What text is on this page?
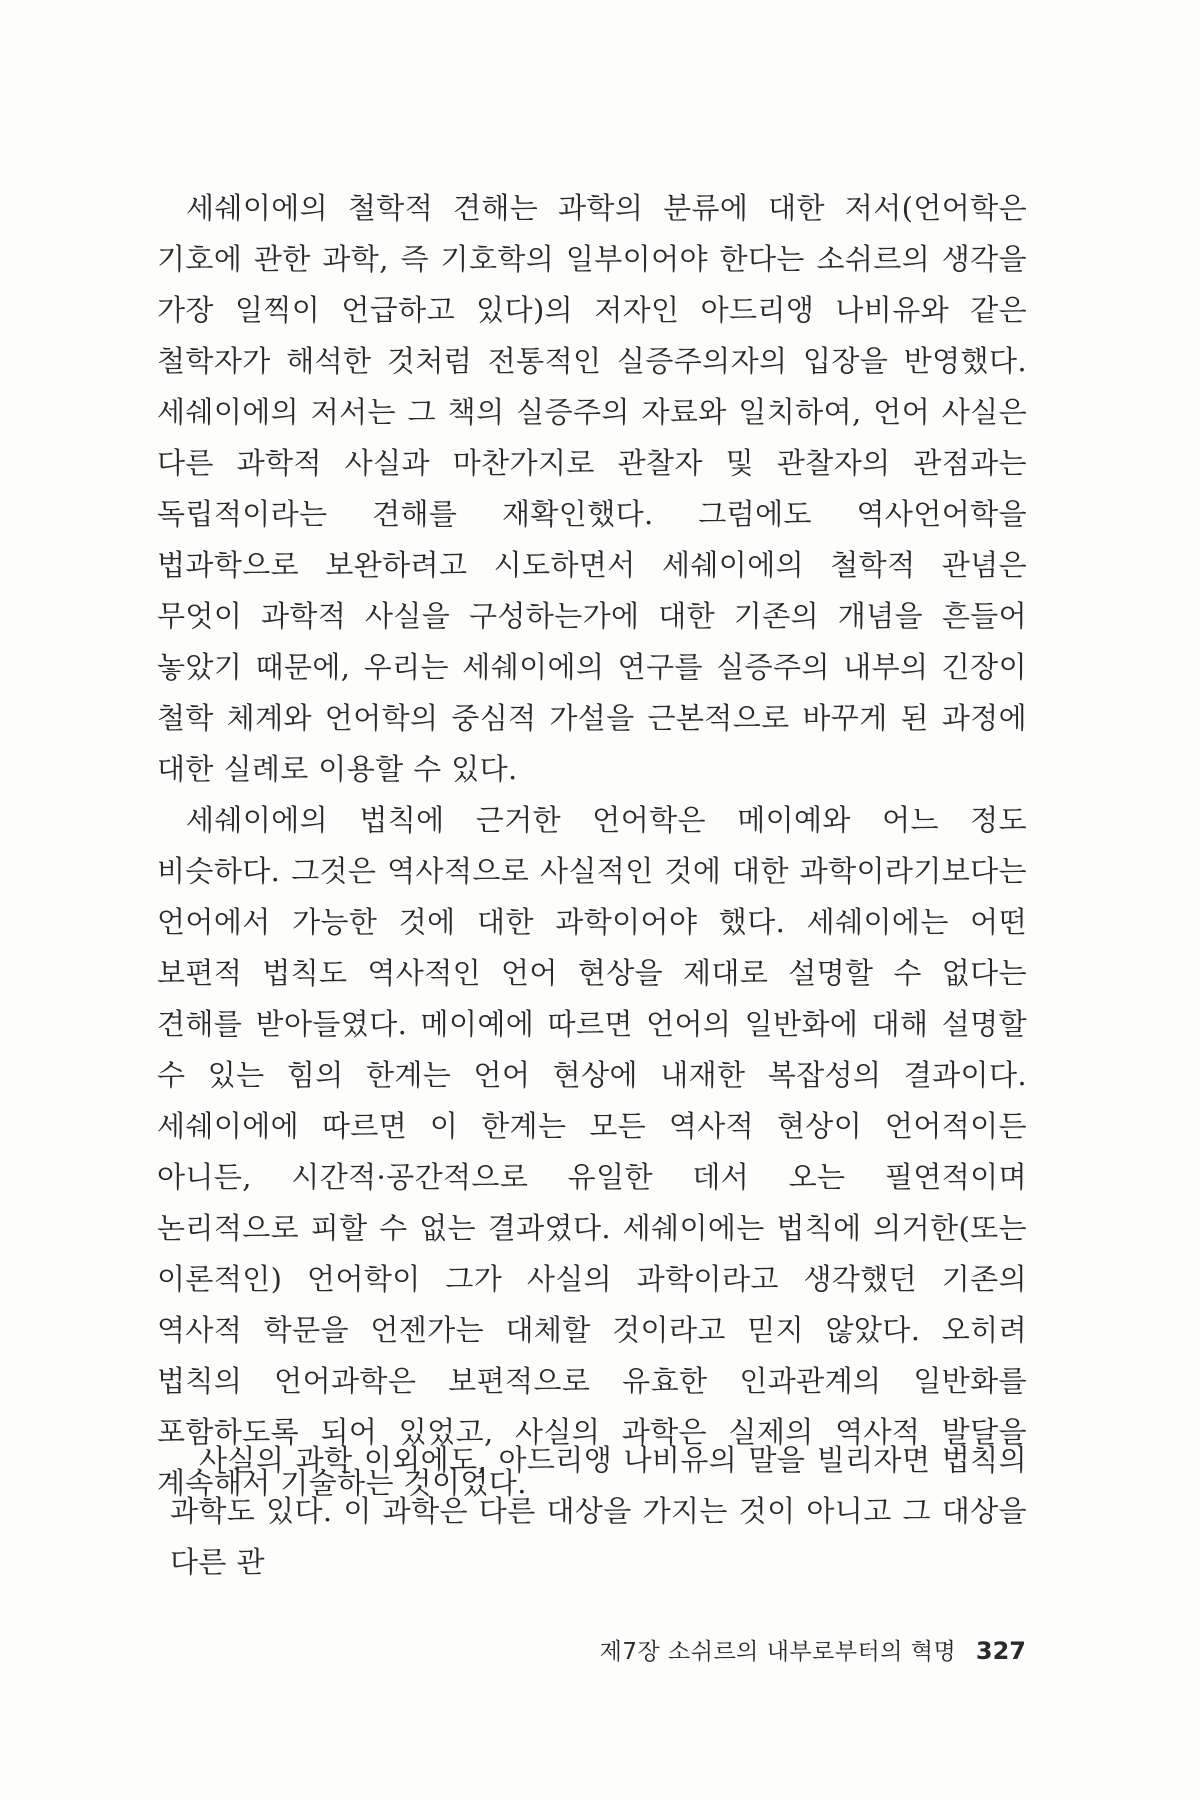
세쉐이에의 철학적 견해는 과학의 분류에 대한 저서(언어학은 기호에 관한 과학, 즉 기호학의 일부이어야 한다는 소쉬르의 생각을 가장 일찍이 언급하고 있다)의 저자인 아드리앵 나비유와 같은 철학자가 해석한 것처럼 전통적인 실증주의자의 입장을 반영했다. 세쉐이에의 저서는 그 책의 실증주의 자료와 일치하여, 언어 사실은 다른 과학적 사실과 마찬가지로 관찰자 및 관찰자의 관점과는 독립적이라는 견해를 재확인했다. 그럼에도 역사언어학을 법과학으로 보완하려고 시도하면서 세쉐이에의 철학적 관념은 무엇이 과학적 사실을 구성하는가에 대한 기존의 개념을 흔들어 놓았기 때문에, 우리는 세쉐이에의 연구를 실증주의 내부의 긴장이 철학 체계와 언어학의 중심적 가설을 근본적으로 바꾸게 된 과정에 대한 실례로 이용할 수 있다.

세쉐이에의 법칙에 근거한 언어학은 메이예와 어느 정도 비슷하다. 그것은 역사적으로 사실적인 것에 대한 과학이라기보다는 언어에서 가능한 것에 대한 과학이어야 했다. 세쉐이에는 어떤 보편적 법칙도 역사적인 언어 현상을 제대로 설명할 수 없다는 견해를 받아들였다. 메이예에 따르면 언어의 일반화에 대해 설명할 수 있는 힘의 한계는 언어 현상에 내재한 복잡성의 결과이다. 세쉐이에에 따르면 이 한계는 모든 역사적 현상이 언어적이든 아니든, 시간적·공간적으로 유일한 데서 오는 필연적이며 논리적으로 피할 수 없는 결과였다. 세쉐이에는 법칙에 의거한(또는 이론적인) 언어학이 그가 사실의 과학이라고 생각했던 기존의 역사적 학문을 언젠가는 대체할 것이라고 믿지 않았다. 오히려 법칙의 언어과학은 보편적으로 유효한 인과관계의 일반화를 포함하도록 되어 있었고, 사실의 과학은 실제의 역사적 발달을 계속해서 기술하는 것이었다.

사실의 과학 이외에도, 아드리앵 나비유의 말을 빌리자면 법칙의 과학도 있다. 이 과학은 다른 대상을 가지는 것이 아니고 그 대상을 다른 관

제7장 소쉬르의 내부로부터의 혁명 327
